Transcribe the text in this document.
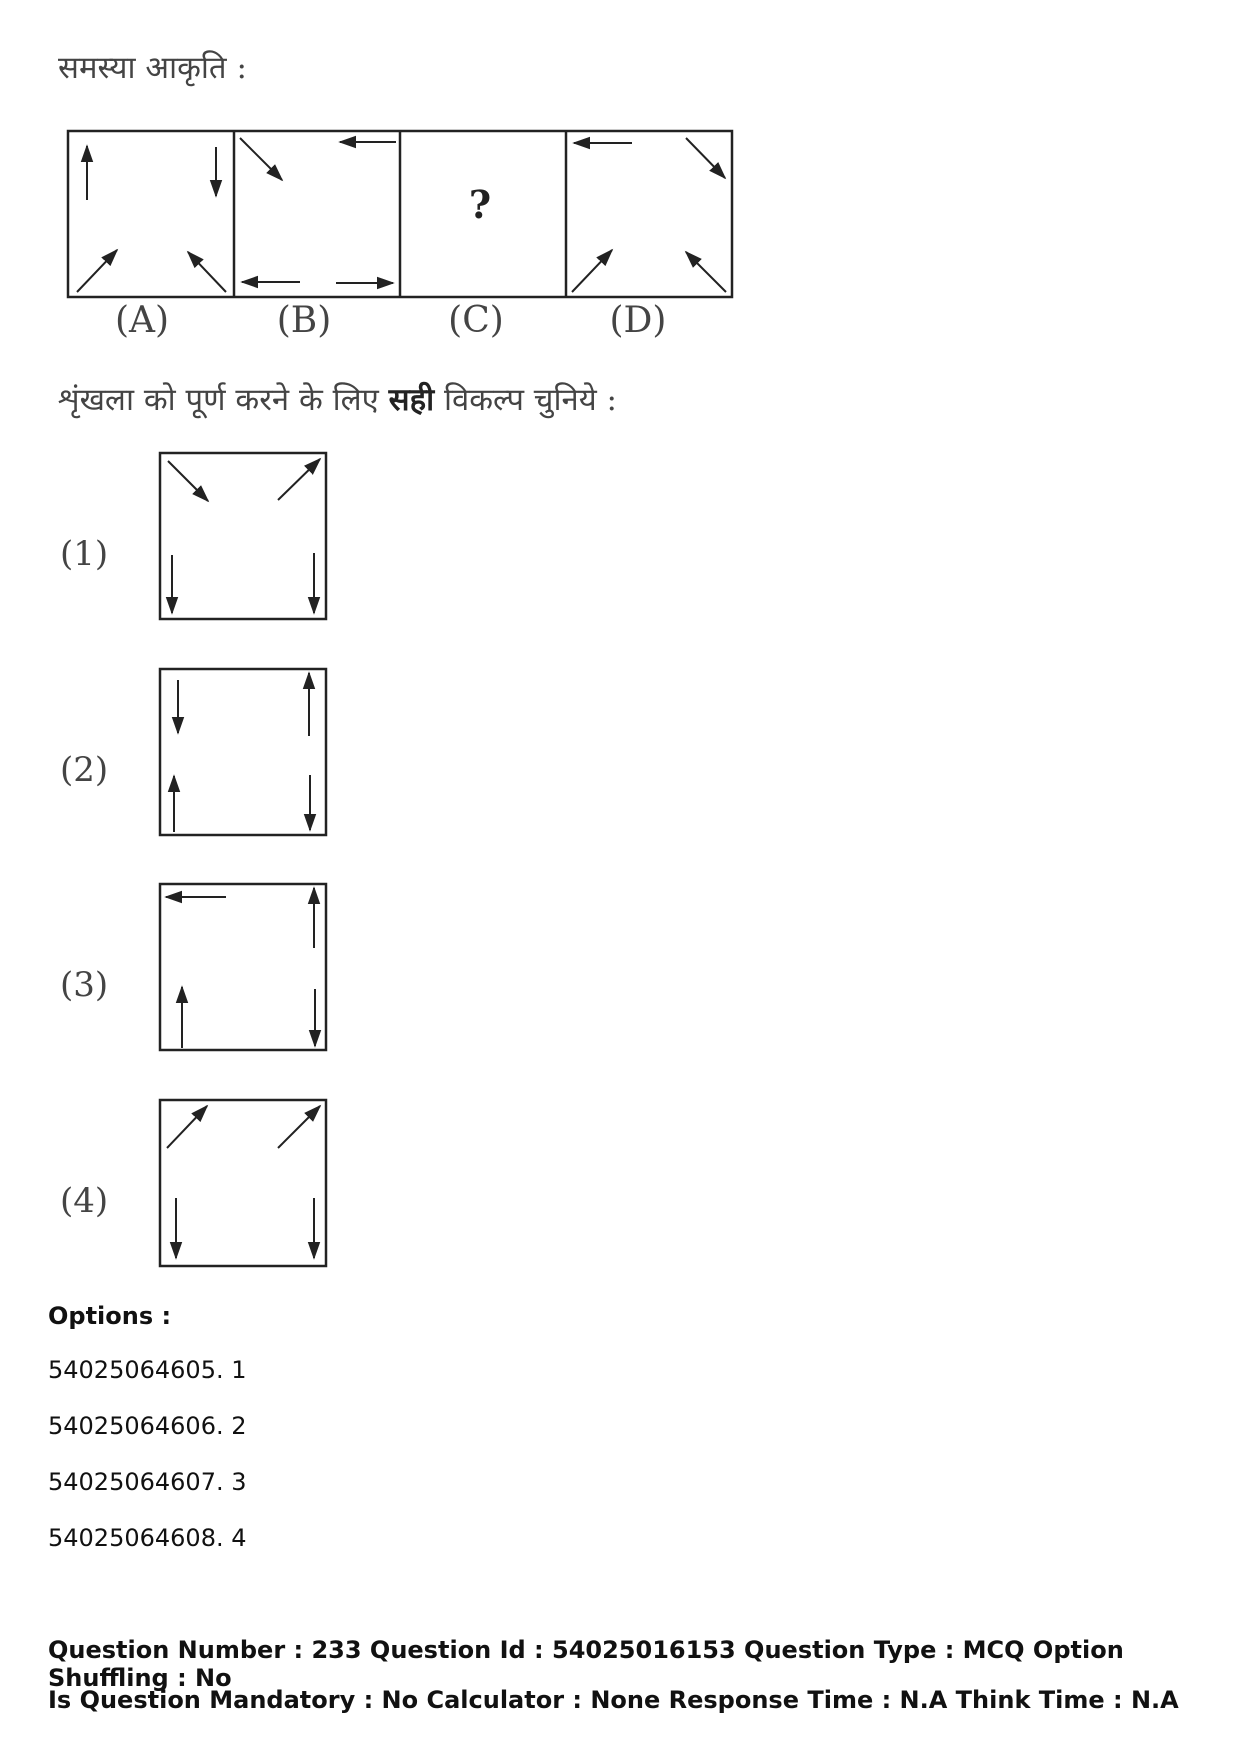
समस्या आकृति :
?
(A)	(B)	(C)	(D)
शृंखला को पूर्ण करने के लिए सही विकल्प चुनिये :
(1)
(2)
(3)
(4)
Options :
54025064605. 1
54025064606. 2
54025064607. 3
54025064608. 4
Question Number : 233 Question Id : 54025016153 Question Type : MCQ Option Shuffling : No
Is Question Mandatory : No Calculator : None Response Time : N.A Think Time : N.A
